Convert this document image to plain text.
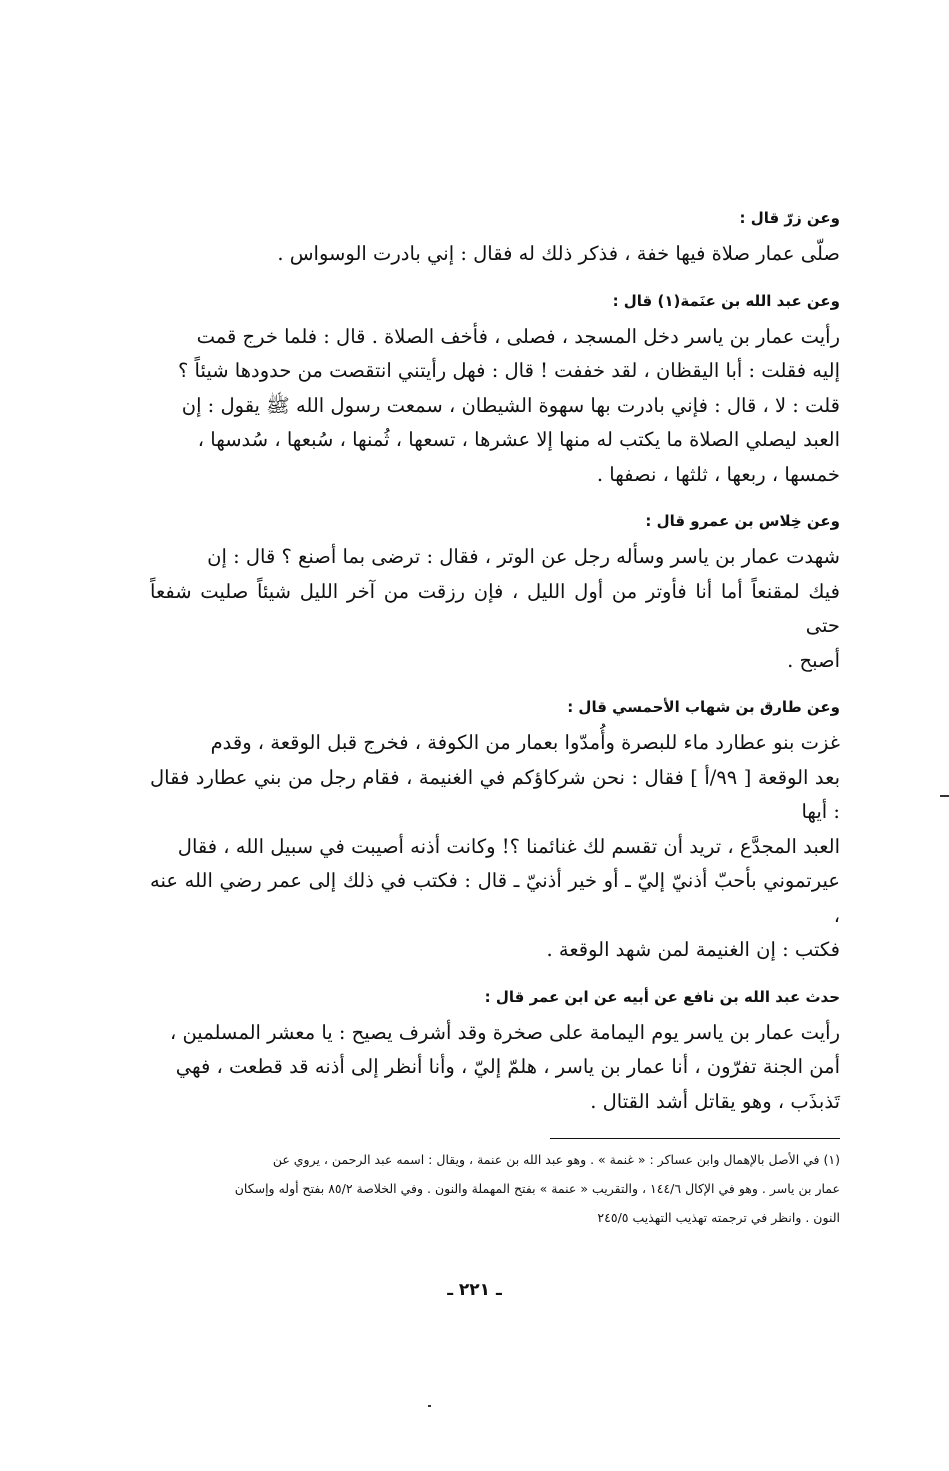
وعن زرّ قال :

صلّى عمار صلاة فيها خفة ، فذكر ذلك له فقال : إني بادرت الوسواس .

وعن عبد الله بن عنَمة(١) قال :

رأيت عمار بن ياسر دخل المسجد ، فصلى ، فأخف الصلاة . قال : فلما خرج قمت

إليه فقلت : أبا اليقظان ، لقد خففت ! قال : فهل رأيتني انتقصت من حدودها شيئاً ؟

قلت : لا ، قال : فإني بادرت بها سهوة الشيطان ، سمعت رسول الله ﷺ يقول : إن

العبد ليصلي الصلاة ما يكتب له منها إلا عشرها ، تسعها ، ثُمنها ، سُبعها ، سُدسها ،

خمسها ، ربعها ، ثلثها ، نصفها .

وعن خِلاس بن عمرو قال :

شهدت عمار بن ياسر وسأله رجل عن الوتر ، فقال : ترضى بما أصنع ؟ قال : إن

فيك لمقنعاً أما أنا فأوتر من أول الليل ، فإن رزقت من آخر الليل شيئاً صليت شفعاً حتى

أصبح .

وعن طارق بن شهاب الأحمسي قال :

غزت بنو عطارد ماء للبصرة وأُمدّوا بعمار من الكوفة ، فخرج قبل الوقعة ، وقدم

بعد الوقعة [ ٩٩/أ ] فقال : نحن شركاؤكم في الغنيمة ، فقام رجل من بني عطارد فقال : أيها

العبد المجدَّع ، تريد أن تقسم لك غنائمنا ؟! وكانت أذنه أصيبت في سبيل الله ، فقال

عيرتموني بأحبّ أذنيّ إليّ ـ أو خير أذنيّ ـ قال : فكتب في ذلك إلى عمر رضي الله عنه ،

فكتب : إن الغنيمة لمن شهد الوقعة .

حدث عبد الله بن نافع عن أبيه عن ابن عمر قال :

رأيت عمار بن ياسر يوم اليمامة على صخرة وقد أشرف يصيح : يا معشر المسلمين ،

أمن الجنة تفرّون ، أنا عمار بن ياسر ، هلمّ إليّ ، وأنا أنظر إلى أذنه قد قطعت ، فهي

تَذبذَب ، وهو يقاتل أشد القتال .

(١) في الأصل بالإهمال وابن عساكر : « غنمة » . وهو عبد الله بن عنمة ، ويقال : اسمه عبد الرحمن ، يروي عن

عمار بن ياسر . وهو في الإكال ١٤٤/٦ ، والتقريب « عنمة » بفتح المهملة والنون . وفي الخلاصة ٨٥/٢ بفتح أوله وإسكان

النون . وانظر في ترجمته تهذيب التهذيب ٢٤٥/٥

ـ ٢٢١ ـ
